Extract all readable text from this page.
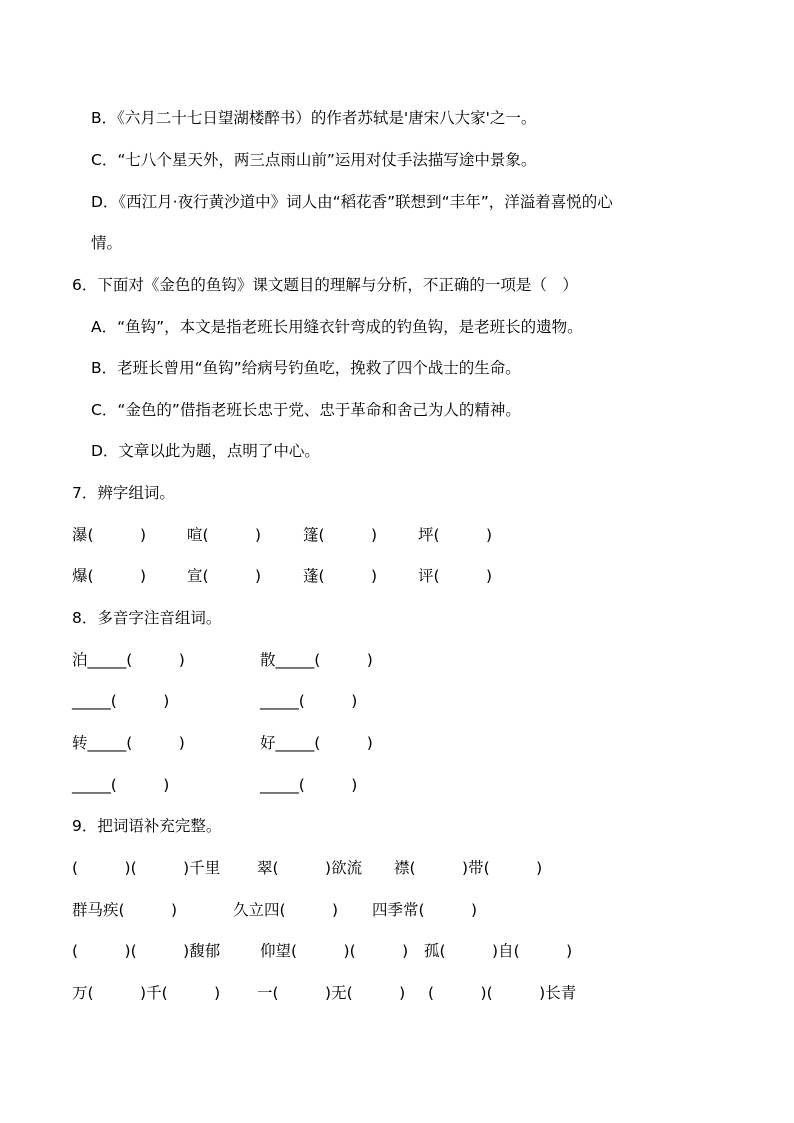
B．《六月二十七日望湖楼醉书）的作者苏轼是'唐宋八大家'之一。
C．“七八个星天外，两三点雨山前”运用对仗手法描写途中景象。
D．《西江月·夜行黄沙道中》词人由“稻花香”联想到“丰年”，洋溢着喜悦的心
情。
6．下面对《金色的鱼钩》课文题目的理解与分析，不正确的一项是（　）
A．“鱼钩”，本文是指老班长用缝衣针弯成的钓鱼钩，是老班长的遗物。
B．老班长曾用“鱼钩”给病号钓鱼吃，挽救了四个战士的生命。
C．“金色的”借指老班长忠于党、忠于革命和舍己为人的精神。
D．文章以此为题，点明了中心。
7．辨字组词。
瀑(　　　)	喧(　　　)	篷(　　　)	坪(　　　)
爆(　　　)	宣(　　　)	蓬(　　　)	评(　　　)
8．多音字注音组词。
泊_____(　　　)	散_____(　　　)
_____(　　　)	_____(　　　)
转_____(　　　)	好_____(　　　)
_____(　　　)	_____(　　　)
9．把词语补充完整。
(　　　)(　　　)千里 翠(　　　)欲流 襟(　　　)带(　　　)
群马疾(　　　)	久立四(　　　) 四季常(　　　)
(　　　)(　　　)馥郁	仰望(　　　)(　　　) 孤(　　　)自(　　　)
万(　　　)千(　　　) 一(　　　)无(　　　) (　　　)(　　　)长青
